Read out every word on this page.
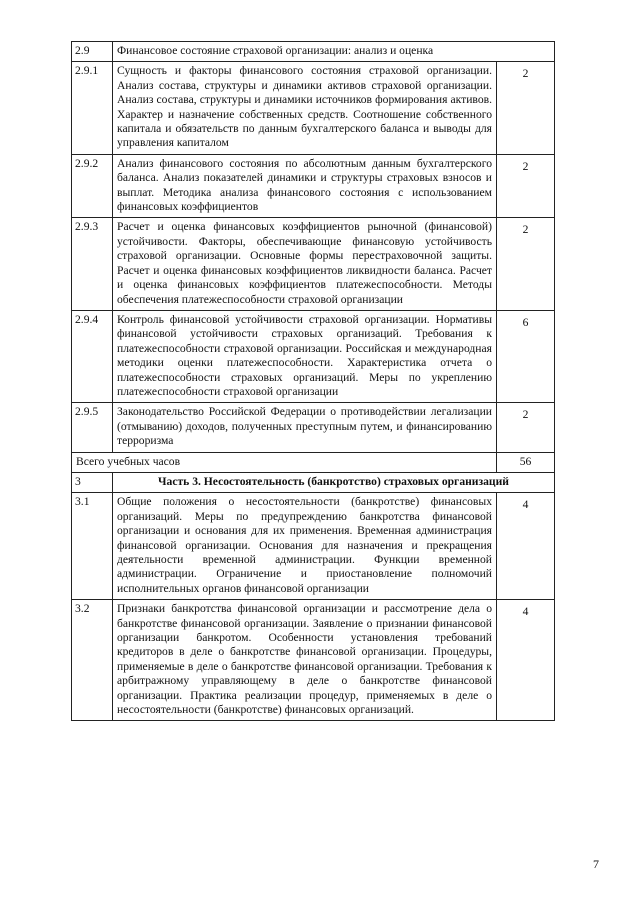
2.9	Финансовое состояние страховой организации: анализ и оценка	
2.9.1	Сущность и факторы финансового состояния страховой организации. Анализ состава, структуры и динамики активов страховой организации. Анализ состава, структуры и динамики источников формирования активов. Характер и назначение собственных средств. Соотношение собственного капитала и обязательств по данным бухгалтерского баланса и выводы для управления капиталом	2
2.9.2	Анализ финансового состояния по абсолютным данным бухгалтерского баланса. Анализ показателей динамики и структуры страховых взносов и выплат. Методика анализа финансового состояния с использованием финансовых коэффициентов	2
2.9.3	Расчет и оценка финансовых коэффициентов рыночной (финансовой) устойчивости. Факторы, обеспечивающие финансовую устойчивость страховой организации. Основные формы перестраховочной защиты. Расчет и оценка финансовых коэффициентов ликвидности баланса. Расчет и оценка финансовых коэффициентов платежеспособности. Методы обеспечения платежеспособности страховой организации	2
2.9.4	Контроль финансовой устойчивости страховой организации. Нормативы финансовой устойчивости страховых организаций. Требования к платежеспособности страховой организации. Российская и международная методики оценки платежеспособности. Характеристика отчета о платежеспособности страховых организаций. Меры по укреплению платежеспособности страховой организации	6
2.9.5	Законодательство Российской Федерации о противодействии легализации (отмыванию) доходов, полученных преступным путем, и финансированию терроризма	2
Всего учебных часов		56
3	Часть 3. Несостоятельность (банкротство) страховых организаций	
3.1	Общие положения о несостоятельности (банкротстве) финансовых организаций. Меры по предупреждению банкротства финансовой организации и основания для их применения. Временная администрация финансовой организации. Основания для назначения и прекращения деятельности временной администрации. Функции временной администрации. Ограничение и приостановление полномочий исполнительных органов финансовой организации	4
3.2	Признаки банкротства финансовой организации и рассмотрение дела о банкротстве финансовой организации. Заявление о признании финансовой организации банкротом. Особенности установления требований кредиторов в деле о банкротстве финансовой организации. Процедуры, применяемые в деле о банкротстве финансовой организации. Требования к арбитражному управляющему в деле о банкротстве финансовой организации. Практика реализации процедур, применяемых в деле о несостоятельности (банкротстве) финансовых организаций.	4
7
